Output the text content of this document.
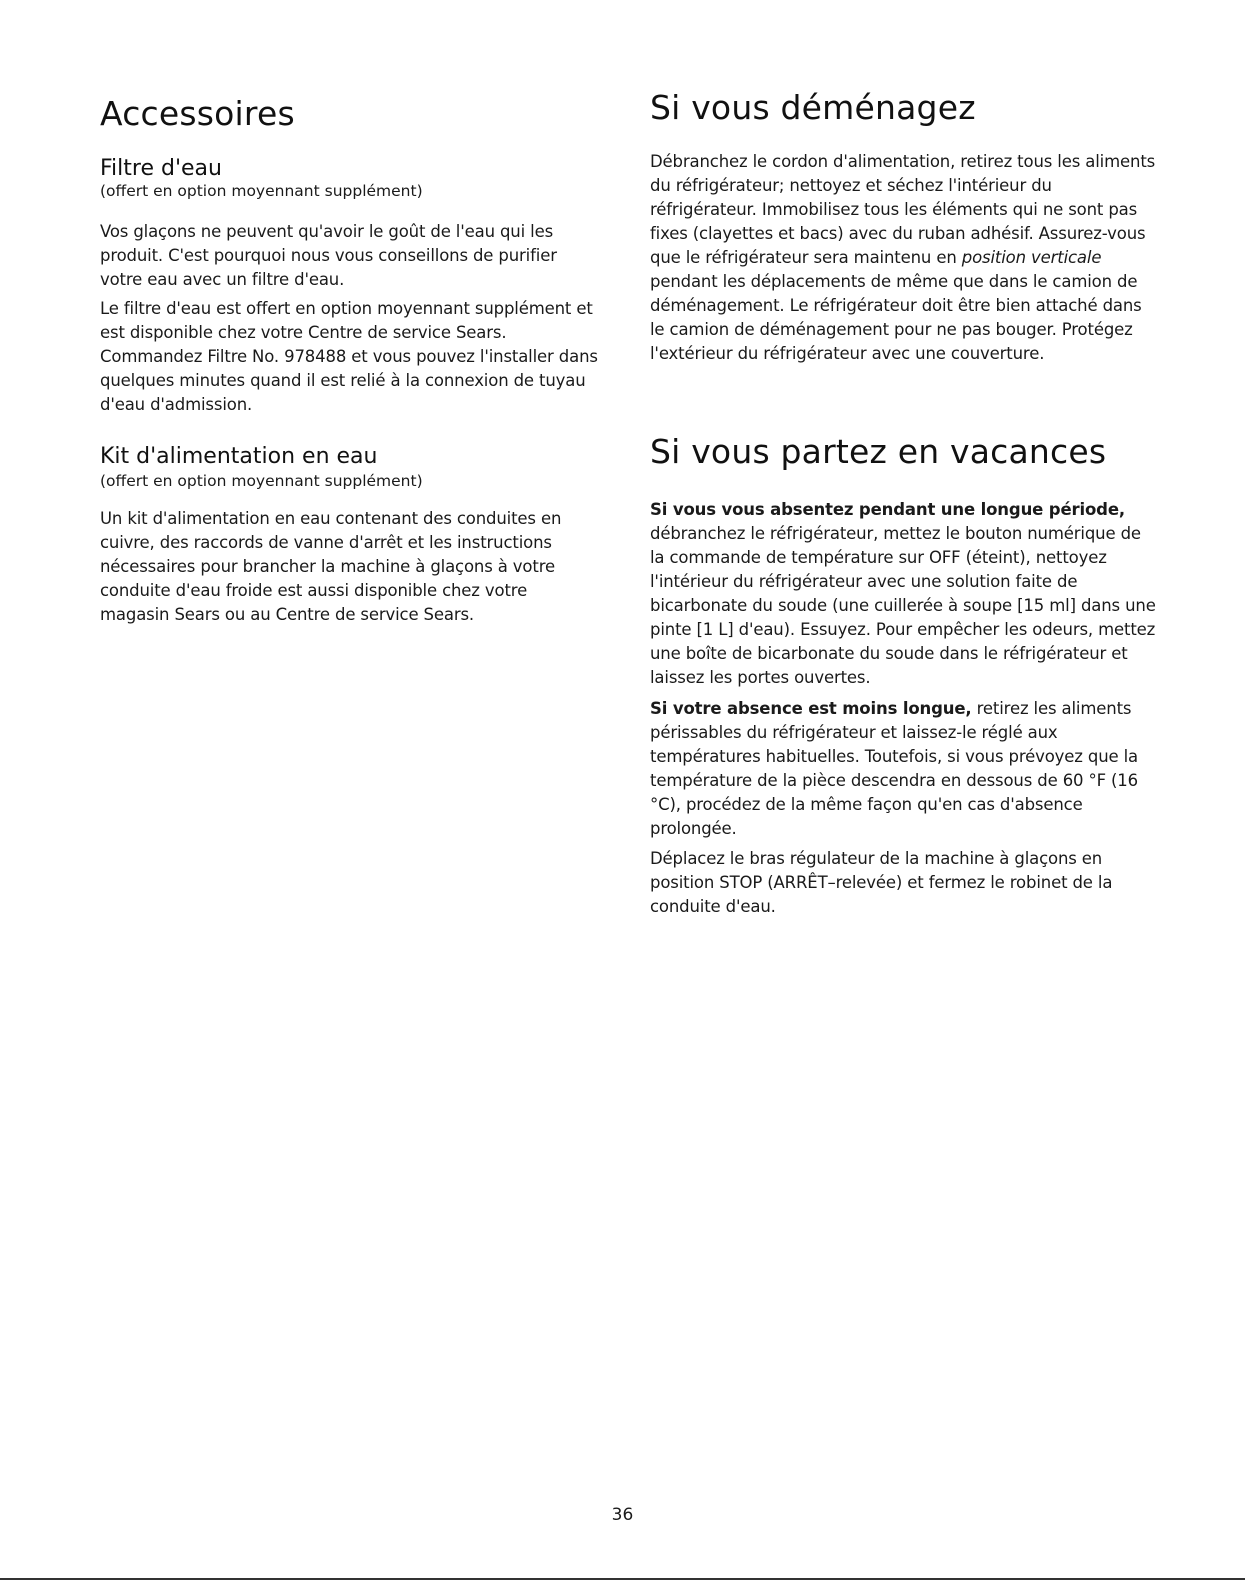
Accessoires
Filtre d'eau
(offert en option moyennant supplément)

Vos glaçons ne peuvent qu'avoir le goût de l'eau qui les produit. C'est pourquoi nous vous conseillons de purifier votre eau avec un filtre d'eau.

Le filtre d'eau est offert en option moyennant supplément et est disponible chez votre Centre de service Sears. Commandez Filtre No. 978488 et vous pouvez l'installer dans quelques minutes quand il est relié à la connexion de tuyau d'eau d'admission.

Kit d'alimentation en eau
(offert en option moyennant supplément)

Un kit d'alimentation en eau contenant des conduites en cuivre, des raccords de vanne d'arrêt et les instructions nécessaires pour brancher la machine à glaçons à votre conduite d'eau froide est aussi disponible chez votre magasin Sears ou au Centre de service Sears.

Si vous déménagez

Débranchez le cordon d'alimentation, retirez tous les aliments du réfrigérateur; nettoyez et séchez l'intérieur du réfrigérateur. Immobilisez tous les éléments qui ne sont pas fixes (clayettes et bacs) avec du ruban adhésif. Assurez-vous que le réfrigérateur sera maintenu en position verticale pendant les déplacements de même que dans le camion de déménagement. Le réfrigérateur doit être bien attaché dans le camion de déménagement pour ne pas bouger. Protégez l'extérieur du réfrigérateur avec une couverture.

Si vous partez en vacances

Si vous vous absentez pendant une longue période, débranchez le réfrigérateur, mettez le bouton numérique de la commande de température sur OFF (éteint), nettoyez l'intérieur du réfrigérateur avec une solution faite de bicarbonate du soude (une cuillerée à soupe [15 ml] dans une pinte [1 L] d'eau). Essuyez. Pour empêcher les odeurs, mettez une boîte de bicarbonate du soude dans le réfrigérateur et laissez les portes ouvertes.

Si votre absence est moins longue, retirez les aliments périssables du réfrigérateur et laissez-le réglé aux températures habituelles. Toutefois, si vous prévoyez que la température de la pièce descendra en dessous de 60 °F (16 °C), procédez de la même façon qu'en cas d'absence prolongée.

Déplacez le bras régulateur de la machine à glaçons en position STOP (ARRÊT–relevée) et fermez le robinet de la conduite d'eau.

36
